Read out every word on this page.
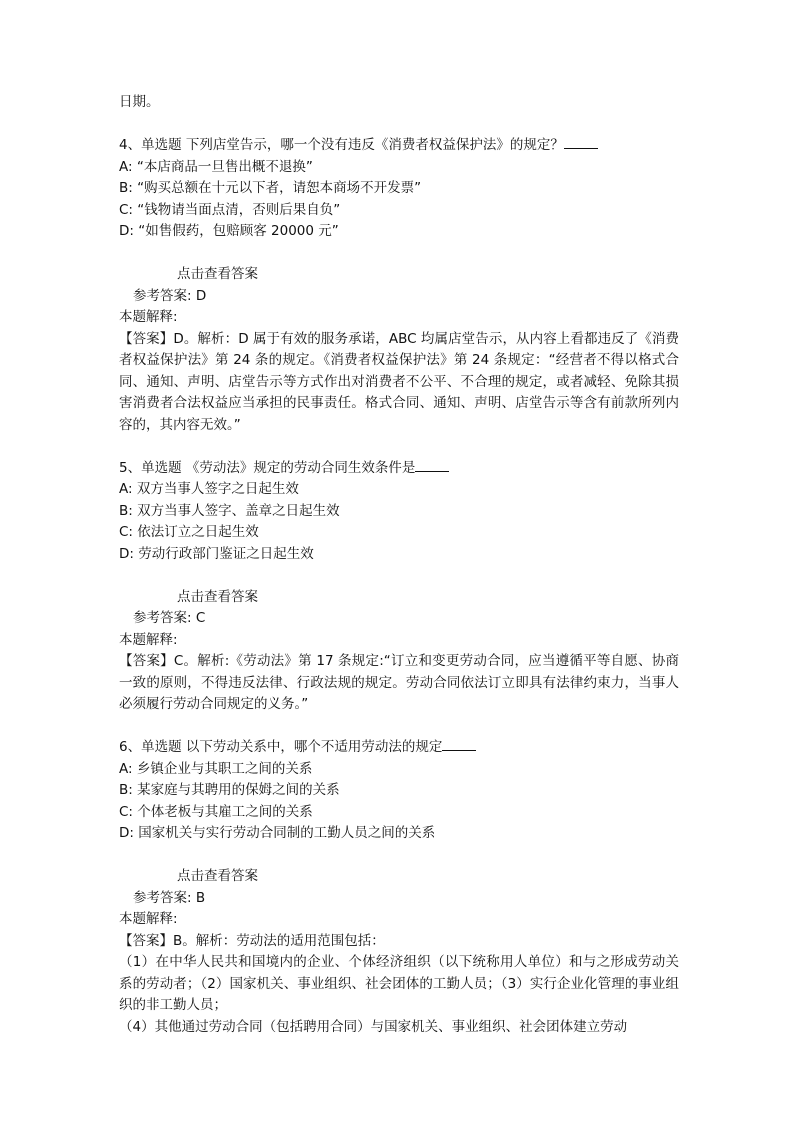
日期。
4、单选题 下列店堂告示，哪一个没有违反《消费者权益保护法》的规定？
A: “本店商品一旦售出概不退换”
B: “购买总额在十元以下者，请恕本商场不开发票”
C: “钱物请当面点清，否则后果自负”
D: “如售假药，包赔顾客 20000 元”
点击查看答案
参考答案: D
本题解释:
【答案】D。解析：D 属于有效的服务承诺，ABC 均属店堂告示，从内容上看都违反了《消费者权益保护法》第 24 条的规定。《消费者权益保护法》第 24 条规定：“经营者不得以格式合同、通知、声明、店堂告示等方式作出对消费者不公平、不合理的规定，或者减轻、免除其损害消费者合法权益应当承担的民事责任。格式合同、通知、声明、店堂告示等含有前款所列内容的，其内容无效。”
5、单选题 《劳动法》规定的劳动合同生效条件是
A: 双方当事人签字之日起生效
B: 双方当事人签字、盖章之日起生效
C: 依法订立之日起生效
D: 劳动行政部门鉴证之日起生效
点击查看答案
参考答案: C
本题解释:
【答案】C。解析:《劳动法》第 17 条规定:“订立和变更劳动合同，应当遵循平等自愿、协商一致的原则，不得违反法律、行政法规的规定。劳动合同依法订立即具有法律约束力，当事人必须履行劳动合同规定的义务。”
6、单选题 以下劳动关系中，哪个不适用劳动法的规定
A: 乡镇企业与其职工之间的关系
B: 某家庭与其聘用的保姆之间的关系
C: 个体老板与其雇工之间的关系
D: 国家机关与实行劳动合同制的工勤人员之间的关系
点击查看答案
参考答案: B
本题解释:
【答案】B。解析：劳动法的适用范围包括：
（1）在中华人民共和国境内的企业、个体经济组织（以下统称用人单位）和与之形成劳动关系的劳动者；（2）国家机关、事业组织、社会团体的工勤人员；（3）实行企业化管理的事业组织的非工勤人员；
（4）其他通过劳动合同（包括聘用合同）与国家机关、事业组织、社会团体建立劳动
